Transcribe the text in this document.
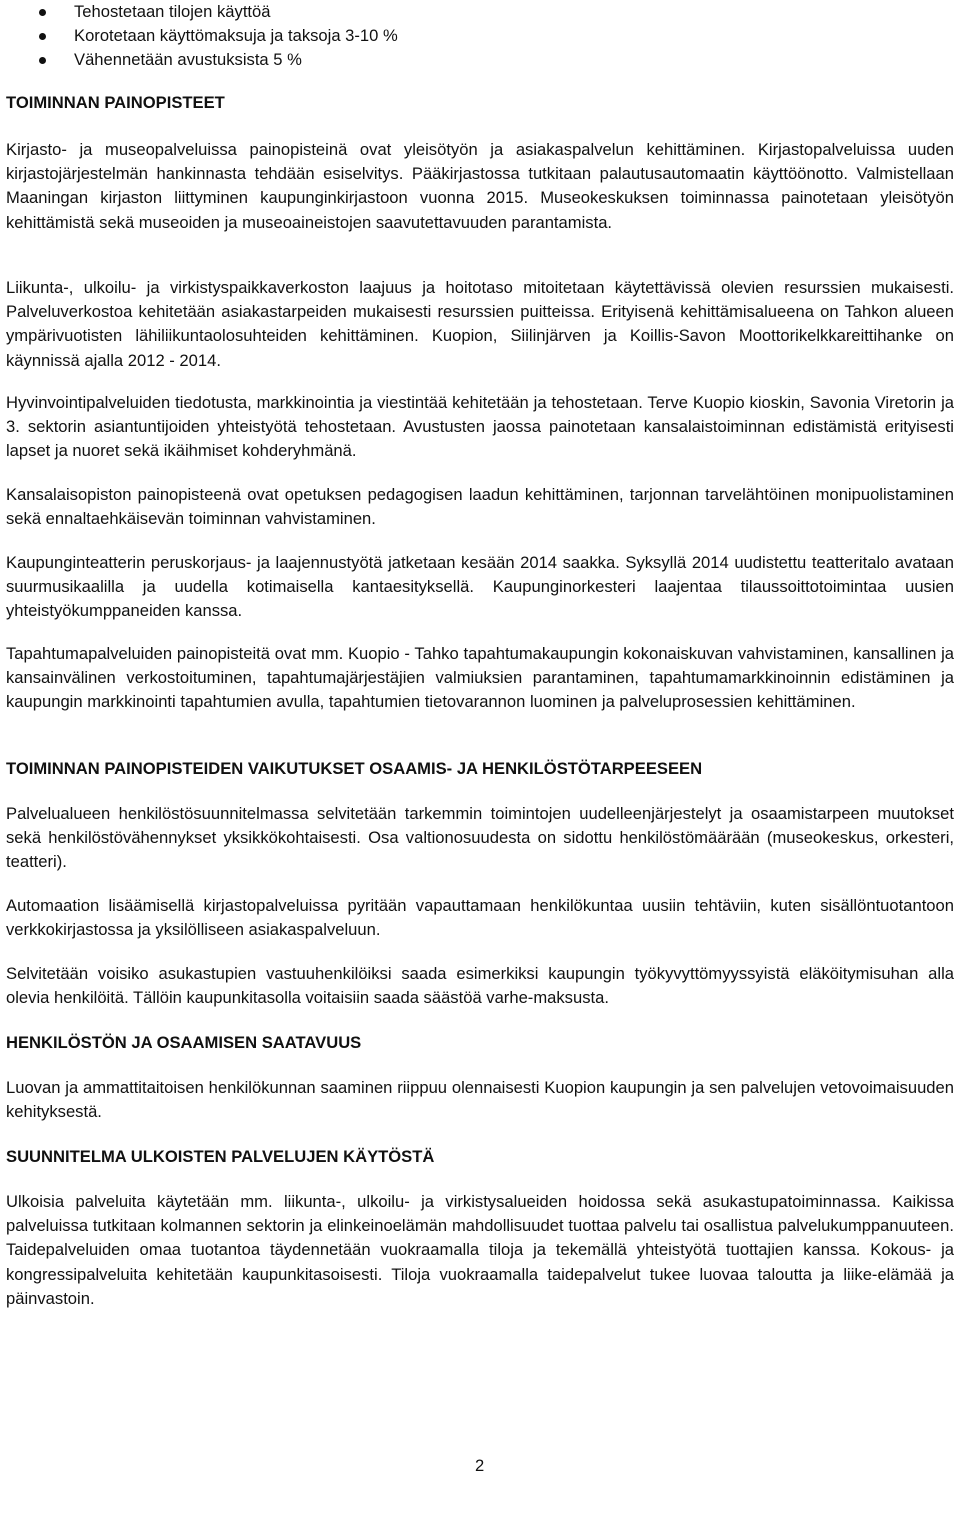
Tehostetaan tilojen käyttöä
Korotetaan käyttömaksuja ja taksoja 3-10 %
Vähennetään avustuksista 5 %
TOIMINNAN PAINOPISTEET

Kirjasto- ja museopalveluissa painopisteinä ovat yleisötyön ja asiakaspalvelun kehittäminen. Kirjastopalveluissa uuden kirjastojärjestelmän hankinnasta tehdään esiselvitys. Pääkirjastossa tutkitaan palautusautomaatin käyttöönotto. Valmistellaan Maaningan kirjaston liittyminen kaupunginkirjastoon vuonna 2015. Museokeskuksen toiminnassa painotetaan yleisötyön kehittämistä sekä museoiden ja museoaineistojen saavutettavuuden parantamista.

Liikunta-, ulkoilu- ja virkistyspaikkaverkoston laajuus ja hoitotaso mitoitetaan käytettävissä olevien resurssien mukaisesti. Palveluverkostoa kehitetään asiakastarpeiden mukaisesti resurssien puitteissa. Erityisenä kehittämisalueena on Tahkon alueen ympärivuotisten lähiliikuntaolosuhteiden kehittäminen. Kuopion, Siilinjärven ja Koillis-Savon Moottorikelkkareittihanke on käynnissä ajalla 2012 - 2014.

Hyvinvointipalveluiden tiedotusta, markkinointia ja viestintää kehitetään ja tehostetaan. Terve Kuopio kioskin, Savonia Viretorin ja 3. sektorin asiantuntijoiden yhteistyötä tehostetaan. Avustusten jaossa painotetaan kansalaistoiminnan edistämistä erityisesti lapset ja nuoret sekä ikäihmiset kohderyhmänä.

Kansalaisopiston painopisteenä ovat opetuksen pedagogisen laadun kehittäminen, tarjonnan tarvelähtöinen monipuolistaminen sekä ennaltaehkäisevän toiminnan vahvistaminen.

Kaupunginteatterin peruskorjaus- ja laajennustyötä jatketaan kesään 2014 saakka. Syksyllä 2014 uudistettu teatteritalo avataan suurmusikaalilla ja uudella kotimaisella kantaesityksellä. Kaupunginorkesteri laajentaa tilaussoittotoimintaa uusien yhteistyökumppaneiden kanssa.

Tapahtumapalveluiden painopisteitä ovat mm. Kuopio - Tahko tapahtumakaupungin kokonaiskuvan vahvistaminen, kansallinen ja kansainvälinen verkostoituminen, tapahtumajärjestäjien valmiuksien parantaminen, tapahtumamarkkinoinnin edistäminen ja kaupungin markkinointi tapahtumien avulla, tapahtumien tietovarannon luominen ja palveluprosessien kehittäminen.

TOIMINNAN PAINOPISTEIDEN VAIKUTUKSET OSAAMIS- JA HENKILÖSTÖTARPEESEEN

Palvelualueen henkilöstösuunnitelmassa selvitetään tarkemmin toimintojen uudelleenjärjestelyt ja osaamistarpeen muutokset sekä henkilöstövähennykset yksikkökohtaisesti. Osa valtionosuudesta on sidottu henkilöstömäärään (museokeskus, orkesteri, teatteri).

Automaation lisäämisellä kirjastopalveluissa pyritään vapauttamaan henkilökuntaa uusiin tehtäviin, kuten sisällöntuotantoon verkkokirjastossa ja yksilölliseen asiakaspalveluun.

Selvitetään voisiko asukastupien vastuuhenkilöiksi saada esimerkiksi kaupungin työkyvyttömyyssyistä eläköitymisuhan alla olevia henkilöitä. Tällöin kaupunkitasolla voitaisiin saada säästöä varhe-maksusta.

HENKILÖSTÖN JA OSAAMISEN SAATAVUUS

Luovan ja ammattitaitoisen henkilökunnan saaminen riippuu olennaisesti Kuopion kaupungin ja sen palvelujen vetovoimaisuuden kehityksestä.

SUUNNITELMA ULKOISTEN PALVELUJEN KÄYTÖSTÄ

Ulkoisia palveluita käytetään mm. liikunta-, ulkoilu- ja virkistysalueiden hoidossa sekä asukastupatoiminnassa. Kaikissa palveluissa tutkitaan kolmannen sektorin ja elinkeinoelämän mahdollisuudet tuottaa palvelu tai osallistua palvelukumppanuuteen. Taidepalveluiden omaa tuotantoa täydennetään vuokraamalla tiloja ja tekemällä yhteistyötä tuottajien kanssa. Kokous- ja kongressipalveluita kehitetään kaupunkitasoisesti. Tiloja vuokraamalla taidepalvelut tukee luovaa taloutta ja liike-elämää ja päinvastoin.

2
